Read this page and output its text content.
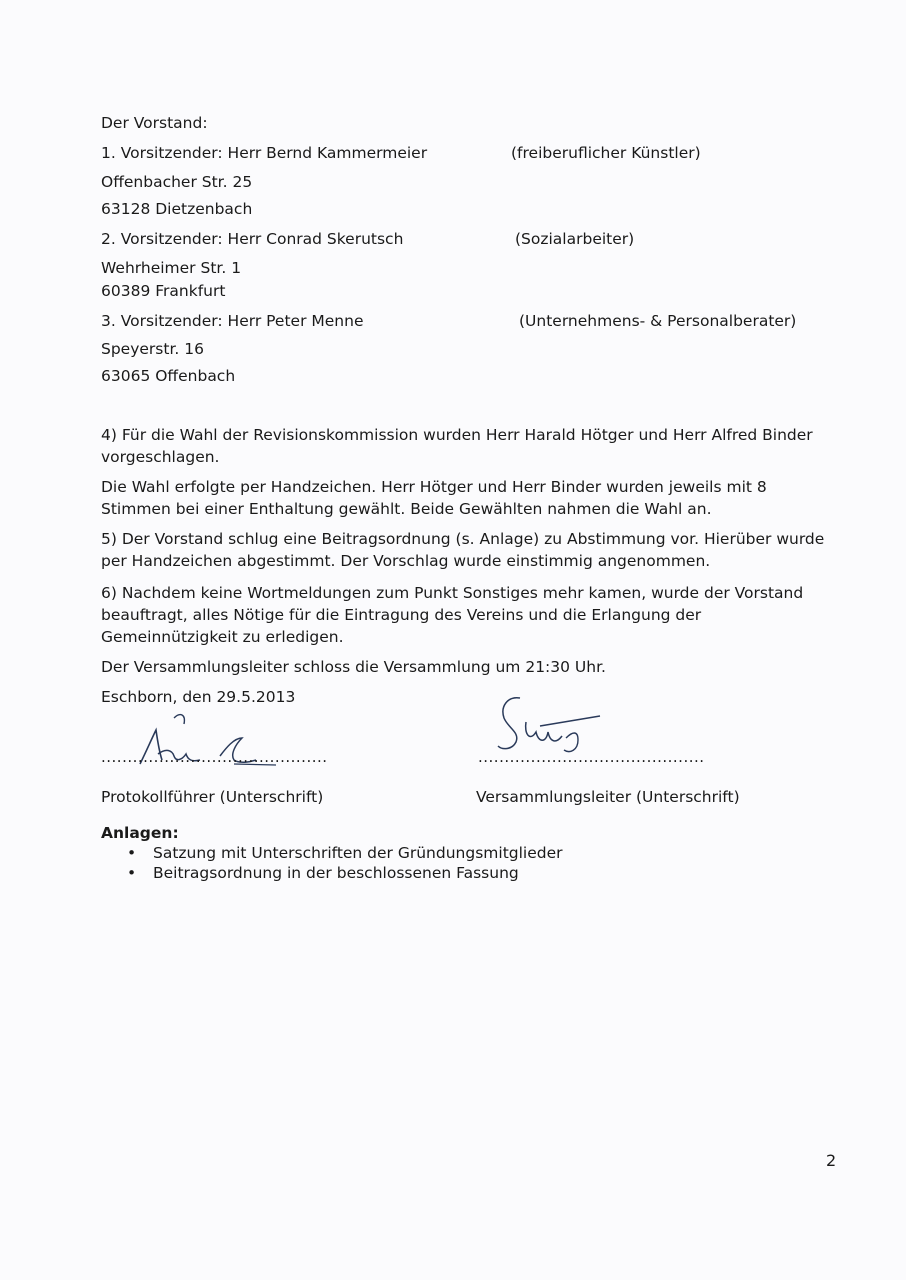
Der Vorstand:
1. Vorsitzender: Herr Bernd Kammermeier	(freiberuflicher Künstler)
Offenbacher Str. 25
63128 Dietzenbach
2. Vorsitzender: Herr Conrad Skerutsch	(Sozialarbeiter)
Wehrheimer Str. 1
60389 Frankfurt
3. Vorsitzender: Herr Peter Menne	(Unternehmens- & Personalberater)
Speyerstr. 16
63065 Offenbach
4) Für die Wahl der Revisionskommission wurden Herr Harald Hötger und Herr Alfred Binder vorgeschlagen.
Die Wahl erfolgte per Handzeichen. Herr Hötger und Herr Binder wurden jeweils mit 8 Stimmen bei einer Enthaltung gewählt. Beide Gewählten nahmen die Wahl an.
5) Der Vorstand schlug eine Beitragsordnung (s. Anlage) zu Abstimmung vor. Hierüber wurde per Handzeichen abgestimmt. Der Vorschlag wurde einstimmig angenommen.
6) Nachdem keine Wortmeldungen zum Punkt Sonstiges mehr kamen, wurde der Vorstand beauftragt, alles Nötige für die Eintragung des Vereins und die Erlangung der Gemeinnützigkeit zu erledigen.
Der Versammlungsleiter schloss die Versammlung um 21:30 Uhr.
Eschborn, den 29.5.2013
...........................................	...........................................
Protokollführer (Unterschrift)	Versammlungsleiter (Unterschrift)
Anlagen:
• Satzung mit Unterschriften der Gründungsmitglieder
• Beitragsordnung in der beschlossenen Fassung
2
